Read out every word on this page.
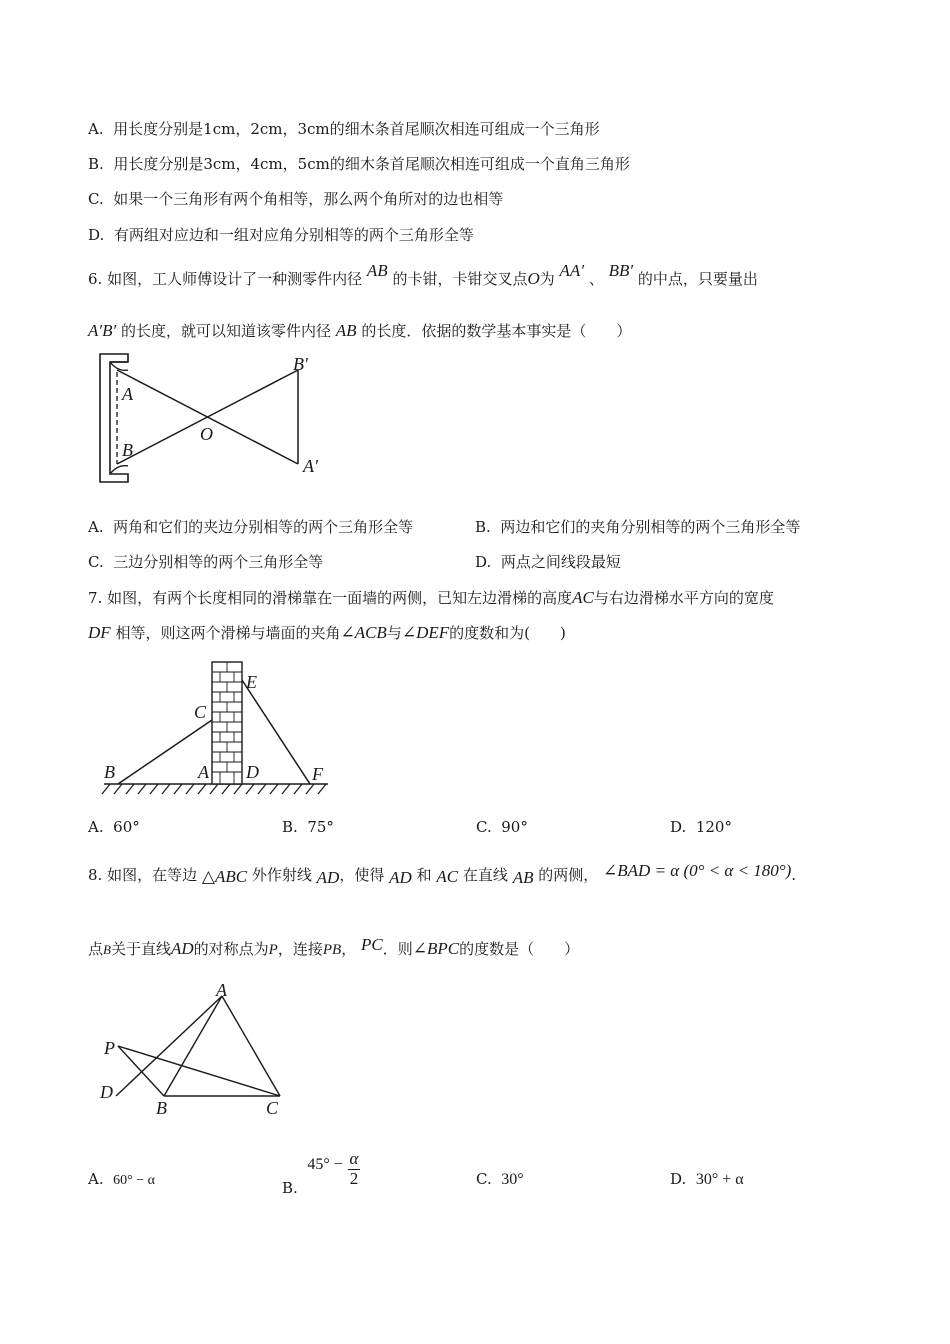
A. 用长度分别是1cm，2cm，3cm的细木条首尾顺次相连可组成一个三角形
B. 用长度分别是3cm，4cm，5cm的细木条首尾顺次相连可组成一个直角三角形
C. 如果一个三角形有两个角相等，那么两个角所对的边也相等
D. 有两组对应边和一组对应角分别相等的两个三角形全等
6. 如图，工人师傅设计了一种测零件内径 AB 的卡钳，卡钳交叉点O为 AA′ 、 BB′ 的中点，只要量出
A′B′ 的长度，就可以知道该零件内径 AB 的长度．依据的数学基本事实是（　　）
A
B
O
B′
A′
A. 两角和它们的夹边分别相等的两个三角形全等	B. 两边和它们的夹角分别相等的两个三角形全等
C. 三边分别相等的两个三角形全等	D. 两点之间线段最短
7. 如图，有两个长度相同的滑梯靠在一面墙的两侧，已知左边滑梯的高度AC与右边滑梯水平方向的宽度
DF 相等，则这两个滑梯与墙面的夹角∠ACB与∠DEF的度数和为(　　)
B	A
C
D
E
F
A. 60°	B. 75°	C. 90°	D. 120°
8. 如图，在等边 △ABC 外作射线 AD，使得 AD 和 AC 在直线 AB 的两侧， ∠BAD = α (0° < α < 180°).
点B关于直线AD的对称点为P，连接PB， PC．则∠BPC的度数是（　　）
A
P
D
B	C
A. 60° − α	B.  $45^\circ - \frac{\alpha}{2}$	C. 30°	D. 30° + α
